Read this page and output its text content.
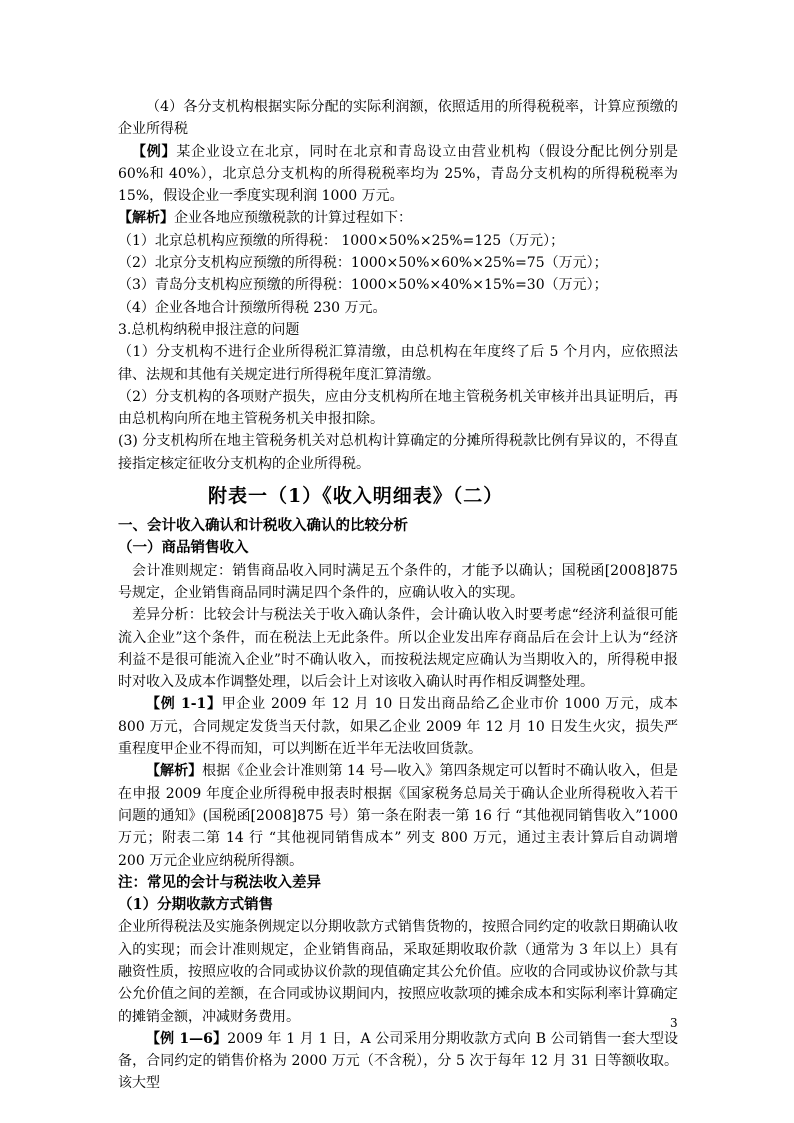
（4）各分支机构根据实际分配的实际利润额，依照适用的所得税税率，计算应预缴的企业所得税

【例】某企业设立在北京，同时在北京和青岛设立由营业机构（假设分配比例分别是 60%和 40%），北京总分支机构的所得税税率均为 25%，青岛分支机构的所得税税率为 15%，假设企业一季度实现利润 1000 万元。

【解析】企业各地应预缴税款的计算过程如下：

（1）北京总机构应预缴的所得税： 1000×50%×25%=125（万元）；

（2）北京分支机构应预缴的所得税：1000×50%×60%×25%=75（万元）；

（3）青岛分支机构应预缴的所得税：1000×50%×40%×15%=30（万元）；

（4）企业各地合计预缴所得税 230 万元。

3.总机构纳税申报注意的问题

（1）分支机构不进行企业所得税汇算清缴，由总机构在年度终了后 5 个月内，应依照法律、法规和其他有关规定进行所得税年度汇算清缴。

（2）分支机构的各项财产损失，应由分支机构所在地主管税务机关审核并出具证明后，再由总机构向所在地主管税务机关申报扣除。

(3) 分支机构所在地主管税务机关对总机构计算确定的分摊所得税款比例有异议的，不得直接指定核定征收分支机构的企业所得税。

附表一（1）《收入明细表》（二）

一、会计收入确认和计税收入确认的比较分析

（一）商品销售收入

会计准则规定：销售商品收入同时满足五个条件的，才能予以确认；国税函[2008]875 号规定，企业销售商品同时满足四个条件的，应确认收入的实现。

差异分析：比较会计与税法关于收入确认条件，会计确认收入时要考虑“经济利益很可能流入企业”这个条件，而在税法上无此条件。所以企业发出库存商品后在会计上认为“经济利益不是很可能流入企业”时不确认收入，而按税法规定应确认为当期收入的，所得税申报时对收入及成本作调整处理，以后会计上对该收入确认时再作相反调整处理。

【例 1-1】甲企业 2009 年 12 月 10 日发出商品给乙企业市价 1000 万元，成本 800 万元，合同规定发货当天付款，如果乙企业 2009 年 12 月 10 日发生火灾，损失严重程度甲企业不得而知，可以判断在近半年无法收回货款。

【解析】根据《企业会计准则第 14 号—收入》第四条规定可以暂时不确认收入，但是在申报 2009 年度企业所得税申报表时根据《国家税务总局关于确认企业所得税收入若干问题的通知》(国税函[2008]875 号）第一条在附表一第 16 行 “其他视同销售收入”1000 万元；附表二第 14 行 “其他视同销售成本” 列支 800 万元，通过主表计算后自动调增 200 万元企业应纳税所得额。

注：常见的会计与税法收入差异

（1）分期收款方式销售

企业所得税法及实施条例规定以分期收款方式销售货物的，按照合同约定的收款日期确认收入的实现；而会计准则规定，企业销售商品，采取延期收取价款（通常为 3 年以上）具有融资性质，按照应收的合同或协议价款的现值确定其公允价值。应收的合同或协议价款与其公允价值之间的差额，在合同或协议期间内，按照应收款项的摊余成本和实际利率计算确定的摊销金额，冲减财务费用。

【例 1—6】2009 年 1 月 1 日，A 公司采用分期收款方式向 B 公司销售一套大型设备，合同约定的销售价格为 2000 万元（不含税），分 5 次于每年 12 月 31 日等额收取。该大型

3
